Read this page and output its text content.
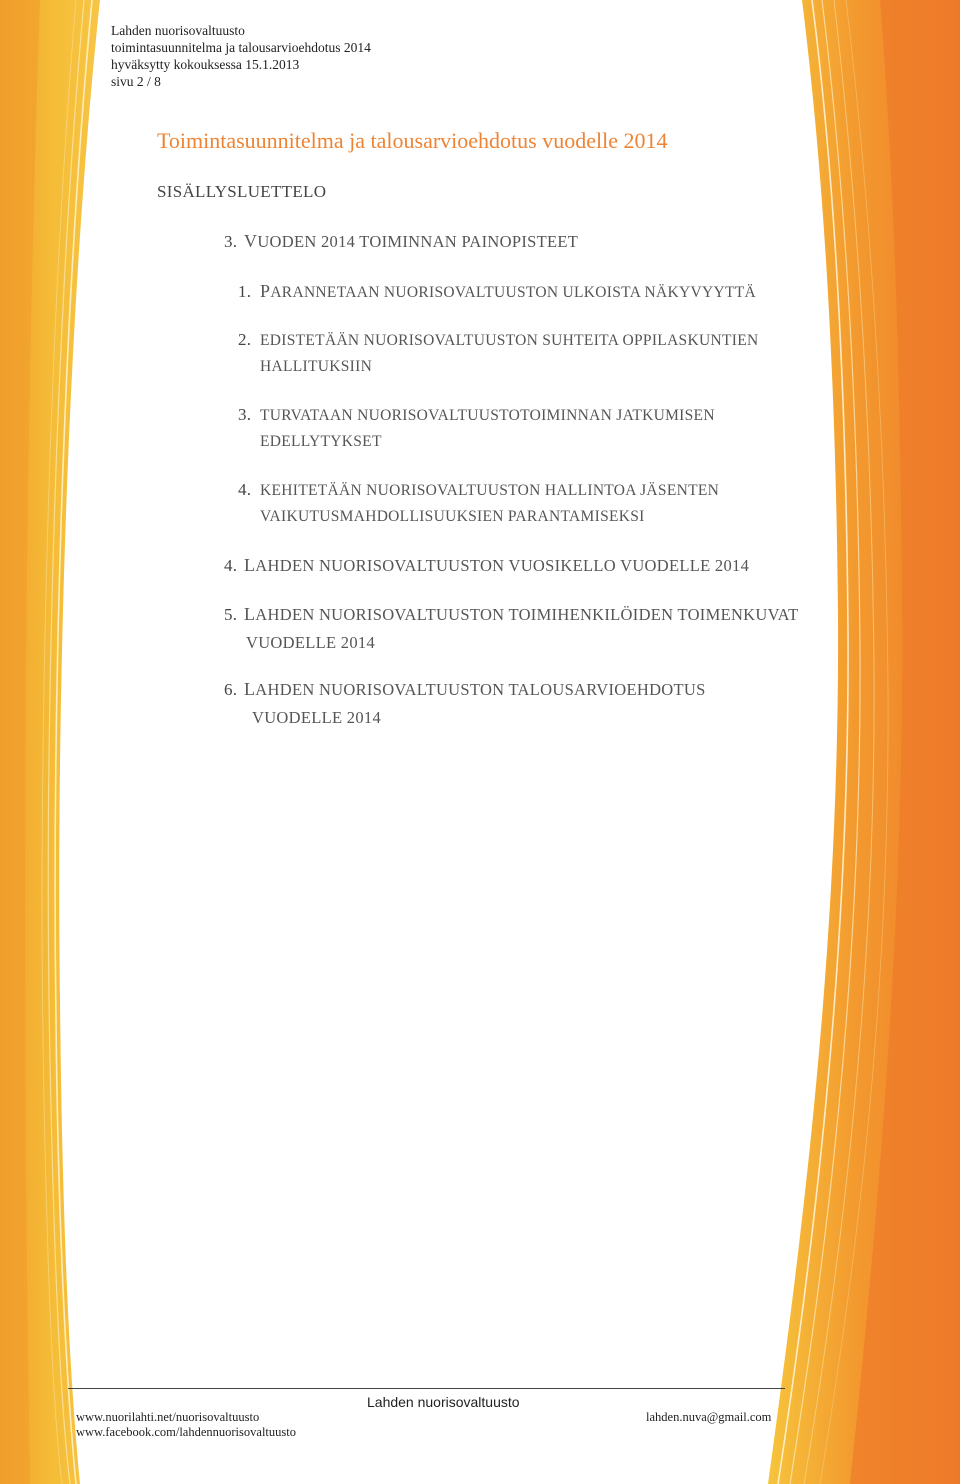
Lahden nuorisovaltuusto
toimintasuunnitelma ja talousarvioehdotus 2014
hyväksytty kokouksessa 15.1.2013
sivu 2 / 8
Toimintasuunnitelma ja talousarvioehdotus vuodelle 2014
SISÄLLYSLUETTELO
3. VUODEN 2014 TOIMINNAN PAINOPISTEET
1. PARANNETAAN NUORISOVALTUUSTON ULKOISTA NÄKYVYYTTÄ
2. EDISTETÄÄN NUORISOVALTUUSTON SUHTEITA OPPILASKUNTIEN
HALLITUKSIIN
3. TURVATAAN NUORISOVALTUUSTOTOIMINNAN JATKUMISEN
EDELLYTYKSET
4. KEHITETÄÄN NUORISOVALTUUSTON HALLINTOA JÄSENTEN
VAIKUTUSMAHDOLLISUUKSIEN PARANTAMISEKSI
4. LAHDEN NUORISOVALTUUSTON VUOSIKELLO VUODELLE 2014
5. LAHDEN NUORISOVALTUUSTON TOIMIHENKILÖIDEN TOIMENKUVAT
VUODELLE 2014
6. LAHDEN NUORISOVALTUUSTON TALOUSARVIOEHDOTUS
VUODELLE 2014
Lahden nuorisovaltuusto
www.nuorilahti.net/nuorisovaltuusto
www.facebook.com/lahdennuorisovaltuusto
lahden.nuva@gmail.com
